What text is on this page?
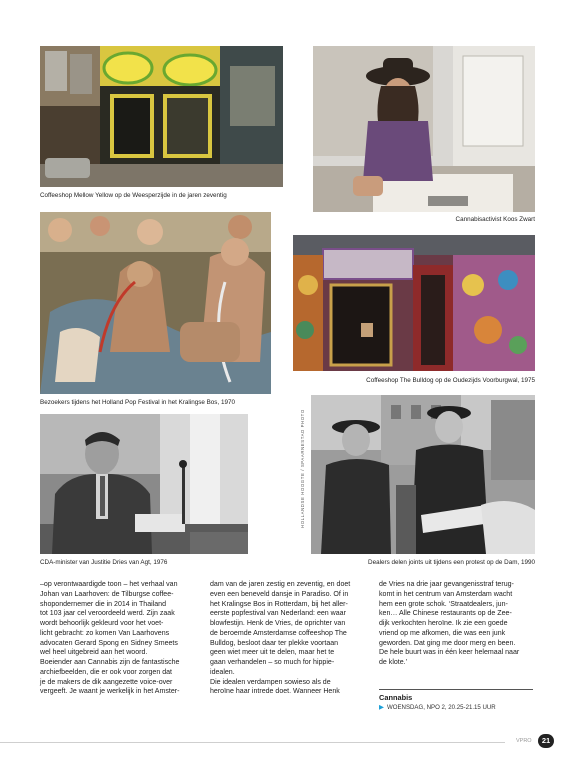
Coffeeshop Mellow Yellow op de Weesperzijde in de jaren zeventig
Cannabisactivist Koos Zwart
Bezoekers tijdens het Holland Pop Festival in het Kralingse Bos, 1970
Coffeeshop The Bulldog op de Oudezijds Voorburgwal, 1975
HOLLANDSE HOOGTE / SPAARNESTAD PHOTO
CDA-minister van Justitie Dries van Agt, 1976	Dealers delen joints uit tijdens een protest op de Dam, 1990

–op verontwaardigde toon – het verhaal van

Johan van Laarhoven: de Tilburgse coffee-

shopondernemer die in 2014 in Thailand

tot 103 jaar cel veroordeeld werd. Zijn zaak

wordt behoorlijk gekleurd voor het voet-

licht gebracht: zo komen Van Laarhovens

advocaten Gerard Spong en Sidney Smeets

wel heel uitgebreid aan het woord.

Boeiender aan Cannabis zijn de fantastische

archiefbeelden, die er ook voor zorgen dat

je de makers de dik aangezette voice-over

vergeeft. Je waant je werkelijk in het Amster-

dam van de jaren zestig en zeventig, en doet

even een beneveld dansje in Paradiso. Of in

het Kralingse Bos in Rotterdam, bij het aller-

eerste popfestival van Nederland: een waar

blowfestijn. Henk de Vries, de oprichter van

de beroemde Amsterdamse coffeeshop The

Bulldog, besloot daar ter plekke voortaan

geen wiet meer uit te delen, maar het te

gaan verhandelen – so much for hippie-

idealen.

Die idealen verdampen sowieso als de

heroïne haar intrede doet. Wanneer Henk

de Vries na drie jaar gevangenisstraf terug-

komt in het centrum van Amsterdam wacht

hem een grote schok. ‘Straatdealers, jun-

ken… Alle Chinese restaurants op de Zee-

dijk verkochten heroïne. Ik zie een goede

vriend op me afkomen, die was een junk

geworden. Dat ging me door merg en been.

De hele buurt was in één keer helemaal naar

de klote.’

Cannabis
▶ WOENSDAG, NPO 2, 20.25-21.15 UUR
VPRO	21
